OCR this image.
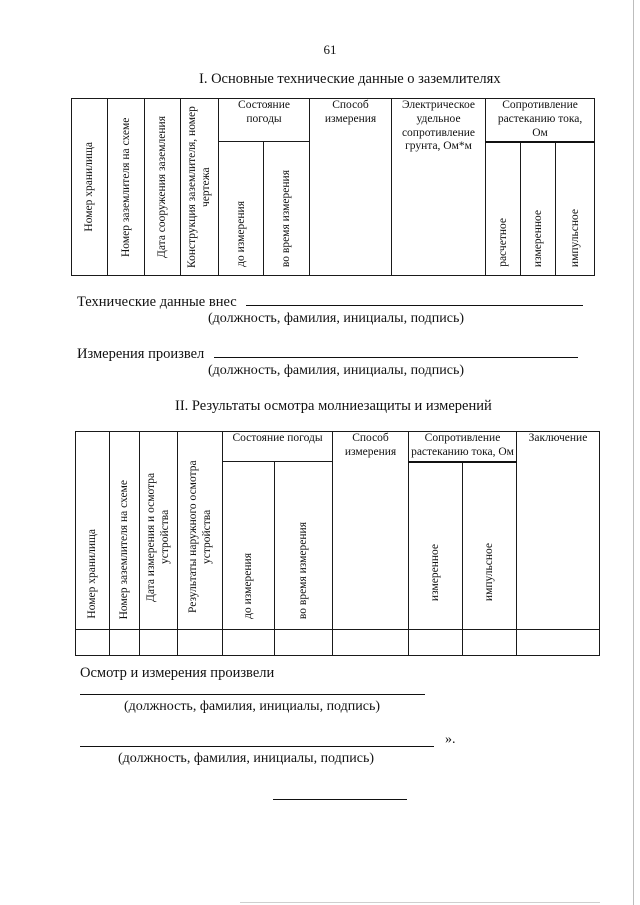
61
I. Основные технические данные о заземлителях
Номер хранилища	Номер заземлителя на схеме	Дата сооружения заземления	Конструкция заземлителя, номер чертежа	Состояние погоды		Способ измерения	Электрическое удельное сопротивление грунта, Ом*м	Сопротивление растеканию тока, Ом		

				до измерения	во время измерения			расчетное	измеренное	импульсное
Технические данные внес
(должность, фамилия, инициалы, подпись)
Измерения произвел
(должность, фамилия, инициалы, подпись)
II. Результаты осмотра молниезащиты и измерений
Номер хранилища	Номер заземлителя на схеме	Дата измерения и осмотра устройства	Результаты наружного осмотра устройства	Состояние погоды		Способ измерения	Сопротивление растеканию тока, Ом		Заключение

				до измерения	во время измерения		измеренное	импульсное	

Осмотр и измерения произвели
(должность, фамилия, инициалы, подпись)
».
(должность, фамилия, инициалы, подпись)
